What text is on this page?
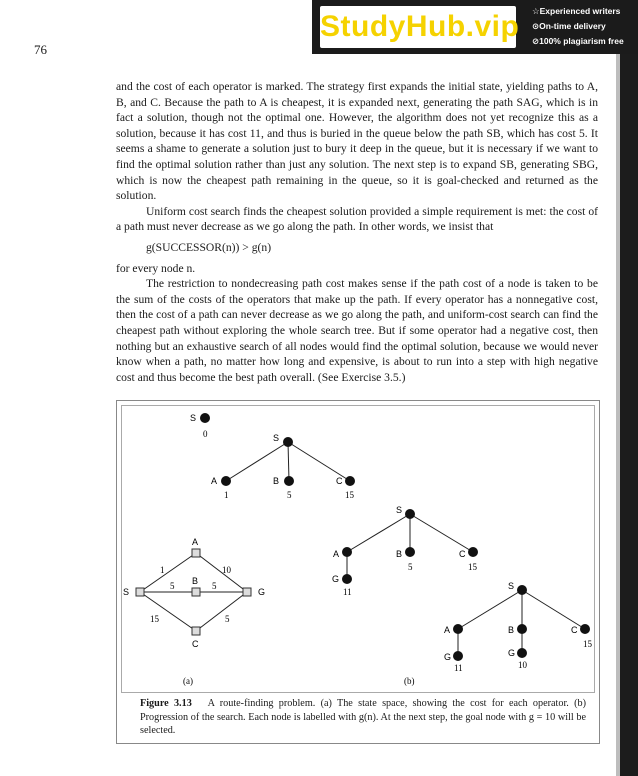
StudyHub.vip ☆Experienced writers
⊙On-time delivery
⊘100% plagiarism free
76

and the cost of each operator is marked. The strategy first expands the initial state, yielding paths to A, B, and C. Because the path to A is cheapest, it is expanded next, generating the path SAG, which is in fact a solution, though not the optimal one. However, the algorithm does not yet recognize this as a solution, because it has cost 11, and thus is buried in the queue below the path SB, which has cost 5. It seems a shame to generate a solution just to bury it deep in the queue, but it is necessary if we want to find the optimal solution rather than just any solution. The next step is to expand SB, generating SBG, which is now the cheapest path remaining in the queue, so it is goal-checked and returned as the solution.

Uniform cost search finds the cheapest solution provided a simple requirement is met: the cost of a path must never decrease as we go along the path. In other words, we insist that

g(SUCCESSOR(n)) > g(n)

for every node n.

The restriction to nondecreasing path cost makes sense if the path cost of a node is taken to be the sum of the costs of the operators that make up the path. If every operator has a nonnegative cost, then the cost of a path can never decrease as we go along the path, and uniform-cost search can find the cheapest path without exploring the whole search tree. But if some operator had a negative cost, then nothing but an exhaustive search of all nodes would find the optimal solution, because we would never know when a path, no matter how long and expensive, is about to run into a step with high negative cost and thus become the best path overall. (See Exercise 3.5.)

S
A
B
C
G
1
5
15
10
5
5
S
0	S
A	B	C
1	5	15
S
A	B	C
G
5	15
11
S
A	B	C
G	G
15
11	10
(a)	(b)
Figure 3.13 A route-finding problem. (a) The state space, showing the cost for each operator. (b) Progression of the search. Each node is labelled with g(n). At the next step, the goal node with g = 10 will be selected.
